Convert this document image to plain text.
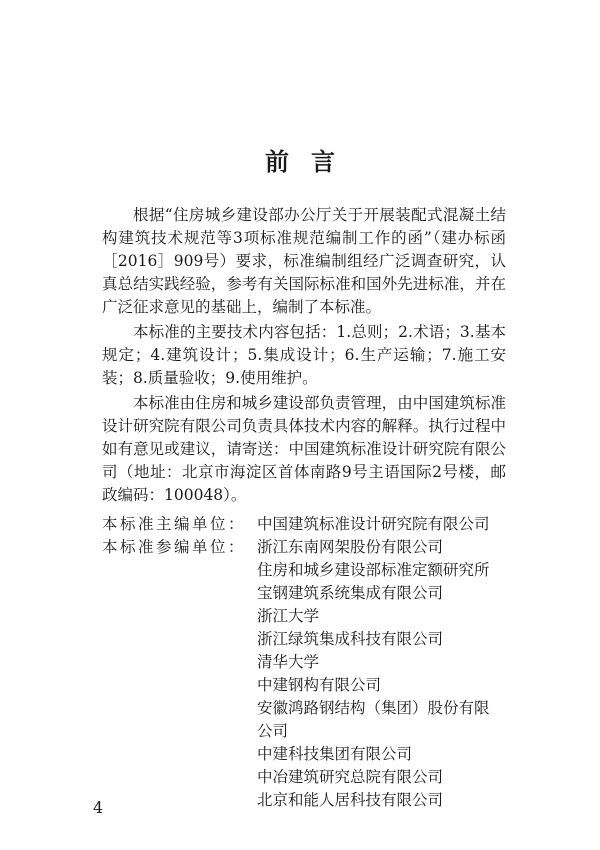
前言

根据“住房城乡建设部办公厅关于开展装配式混凝土结构建筑技术规范等3项标准规范编制工作的函”（建办标函［2016］909号）要求，标准编制组经广泛调查研究，认真总结实践经验，参考有关国际标准和国外先进标准，并在广泛征求意见的基础上，编制了本标准。

本标准的主要技术内容包括：1.总则；2.术语；3.基本规定；4.建筑设计；5.集成设计；6.生产运输；7.施工安装；8.质量验收；9.使用维护。

本标准由住房和城乡建设部负责管理，由中国建筑标准设计研究院有限公司负责具体技术内容的解释。执行过程中如有意见或建议，请寄送：中国建筑标准设计研究院有限公司（地址：北京市海淀区首体南路9号主语国际2号楼，邮政编码：100048）。

本标准主编单位： 中国建筑标准设计研究院有限公司
本标准参编单位： 浙江东南网架股份有限公司
住房和城乡建设部标准定额研究所
宝钢建筑系统集成有限公司
浙江大学
浙江绿筑集成科技有限公司
清华大学
中建钢构有限公司
安徽鸿路钢结构（集团）股份有限
公司
中建科技集团有限公司
中冶建筑研究总院有限公司
北京和能人居科技有限公司
4
